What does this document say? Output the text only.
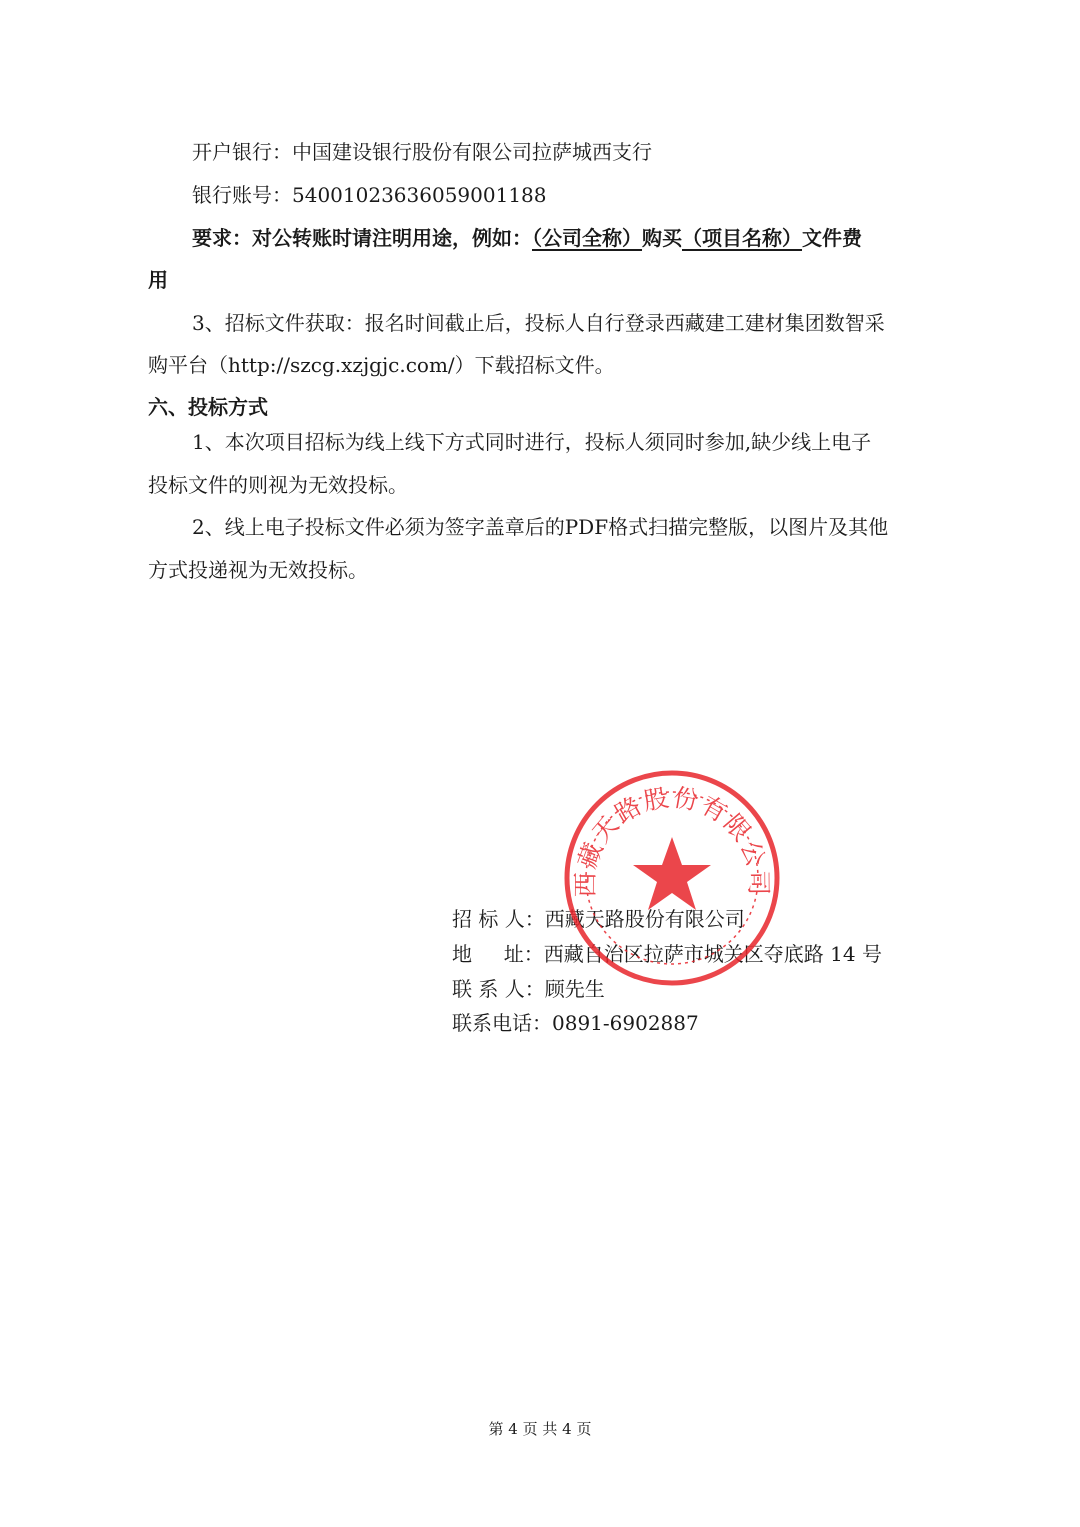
开户银行：中国建设银行股份有限公司拉萨城西支行
银行账号：54001023636059001188
要求：对公转账时请注明用途，例如：（公司全称）购买（项目名称）文件费
用
3、招标文件获取：报名时间截止后，投标人自行登录西藏建工建材集团数智采
购平台（http://szcg.xzjgjc.com/）下载招标文件。
六、投标方式
1、本次项目招标为线上线下方式同时进行，投标人须同时参加,缺少线上电子
投标文件的则视为无效投标。
2、线上电子投标文件必须为签字盖章后的PDF格式扫描完整版，以图片及其他
方式投递视为无效投标。
招 标 人：西藏天路股份有限公司
地     址：西藏自治区拉萨市城关区夺底路 14 号
联 系 人：顾先生
联系电话：0891-6902887
西藏天路股份有限公司
第 4 页 共 4 页
